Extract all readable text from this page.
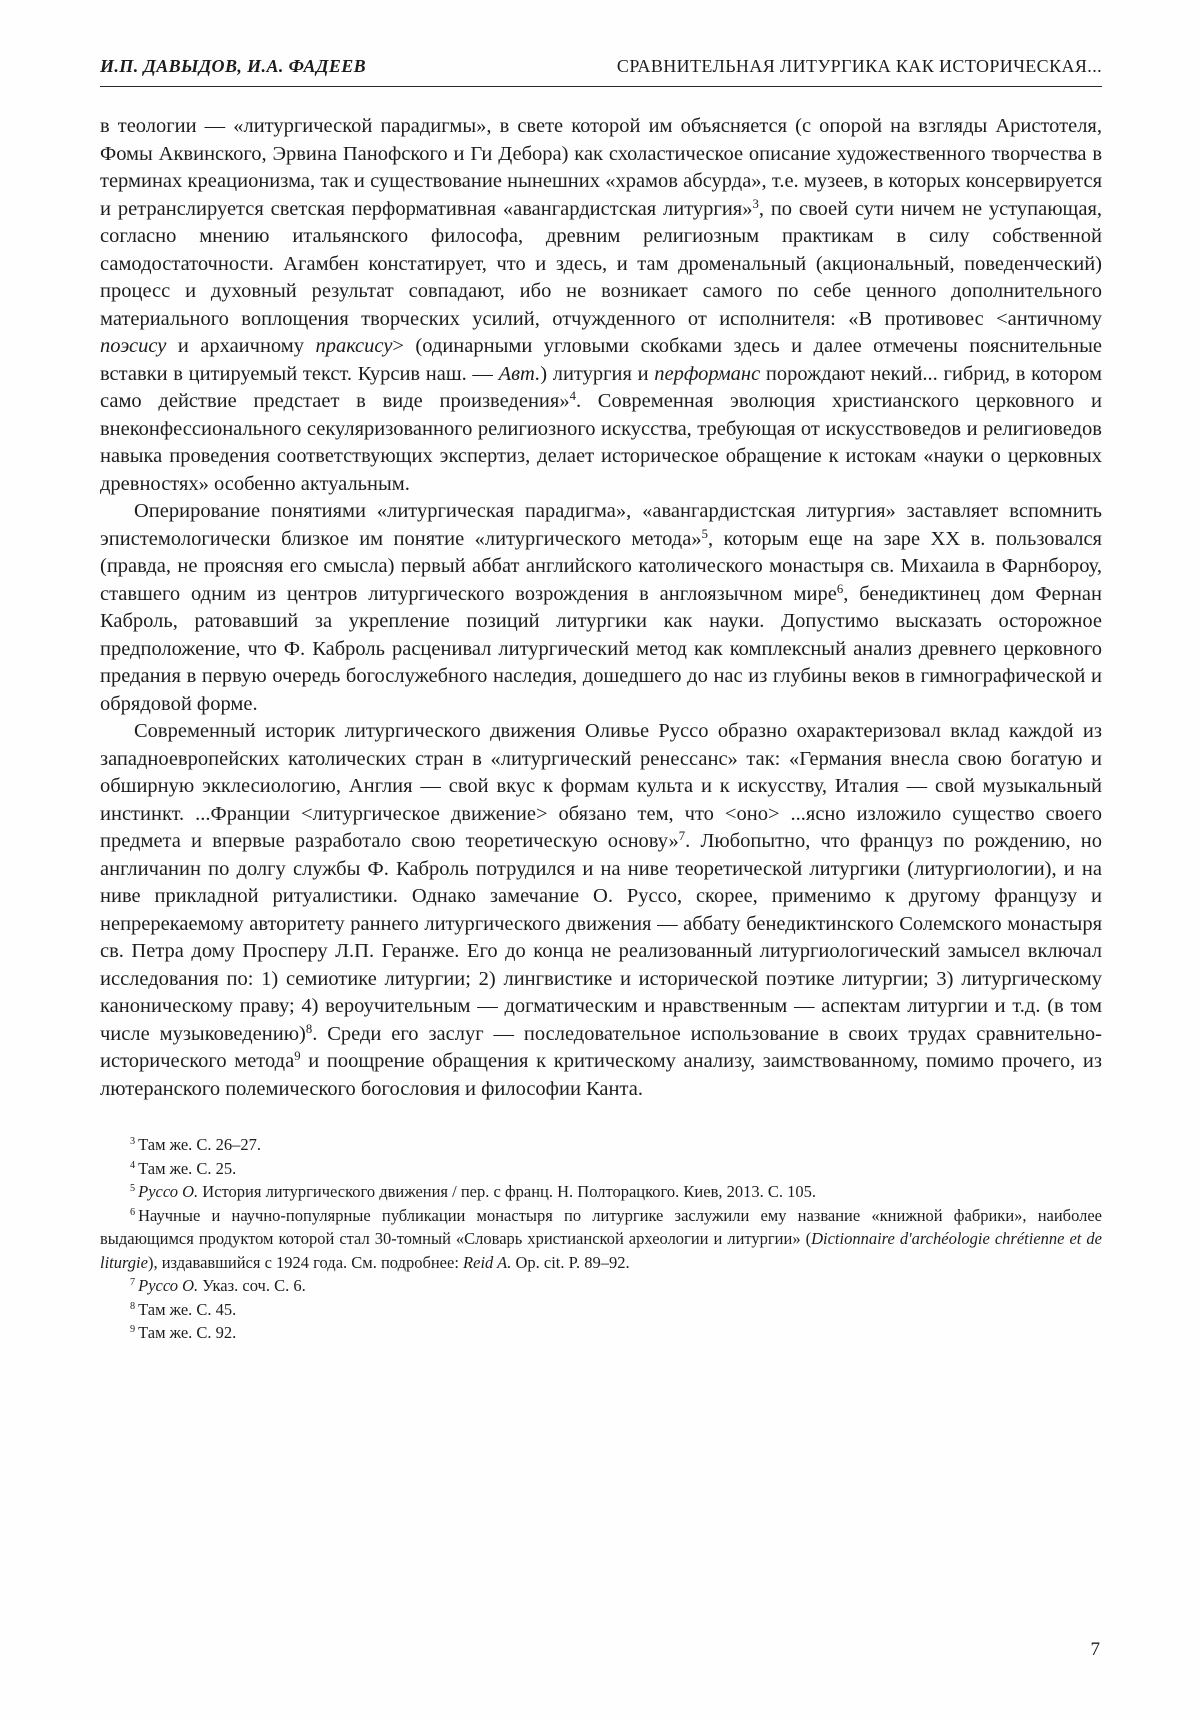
И.П. ДАВЫДОВ, И.А. ФАДЕЕВ	СРАВНИТЕЛЬНАЯ ЛИТУРГИКА КАК ИСТОРИЧЕСКАЯ...

в теологии — «литургической парадигмы», в свете которой им объясняется (с опорой на взгляды Аристотеля, Фомы Аквинского, Эрвина Панофского и Ги Дебора) как схоластическое описание художественного творчества в терминах креационизма, так и существование нынешних «храмов абсурда», т.е. музеев, в которых консервируется и ретранслируется светская перформативная «авангардистская литургия»$^3$, по своей сути ничем не уступающая, согласно мнению итальянского философа, древним религиозным практикам в силу собственной самодостаточности. Агамбен констатирует, что и здесь, и там дроменальный (акциональный, поведенческий) процесс и духовный результат совпадают, ибо не возникает самого по себе ценного дополнительного материального воплощения творческих усилий, отчужденного от исполнителя: «В противовес <античному поэсису и архаичному праксису> (одинарными угловыми скобками здесь и далее отмечены пояснительные вставки в цитируемый текст. Курсив наш. — Авт.) литургия и перформанс порождают некий... гибрид, в котором само действие предстает в виде произведения»$^4$. Современная эволюция христианского церковного и внеконфессионального секуляризованного религиозного искусства, требующая от искусствоведов и религиоведов навыка проведения соответствующих экспертиз, делает историческое обращение к истокам «науки о церковных древностях» особенно актуальным.

Оперирование понятиями «литургическая парадигма», «авангардистская литургия» заставляет вспомнить эпистемологически близкое им понятие «литургического метода»$^5$, которым еще на заре XX в. пользовался (правда, не проясняя его смысла) первый аббат английского католического монастыря св. Михаила в Фарнбороу, ставшего одним из центров литургического возрождения в англоязычном мире$^6$, бенедиктинец дом Фернан Каброль, ратовавший за укрепление позиций литургики как науки. Допустимо высказать осторожное предположение, что Ф. Каброль расценивал литургический метод как комплексный анализ древнего церковного предания в первую очередь богослужебного наследия, дошедшего до нас из глубины веков в гимнографической и обрядовой форме.

Современный историк литургического движения Оливье Руссо образно охарактеризовал вклад каждой из западноевропейских католических стран в «литургический ренессанс» так: «Германия внесла свою богатую и обширную экклесиологию, Англия — свой вкус к формам культа и к искусству, Италия — свой музыкальный инстинкт. ...Франции <литургическое движение> обязано тем, что <оно> ...ясно изложило существо своего предмета и впервые разработало свою теоретическую основу»$^7$. Любопытно, что француз по рождению, но англичанин по долгу службы Ф. Каброль потрудился и на ниве теоретической литургики (литургиологии), и на ниве прикладной ритуалистики. Однако замечание О. Руссо, скорее, применимо к другому французу и непререкаемому авторитету раннего литургического движения — аббату бенедиктинского Солемского монастыря св. Петра дому Просперу Л.П. Геранже. Его до конца не реализованный литургиологический замысел включал исследования по: 1) семиотике литургии; 2) лингвистике и исторической поэтике литургии; 3) литургическому каноническому праву; 4) вероучительным — догматическим и нравственным — аспектам литургии и т.д. (в том числе музыковедению)$^8$. Среди его заслуг — последовательное использование в своих трудах сравнительно-исторического метода$^9$ и поощрение обращения к критическому анализу, заимствованному, помимо прочего, из лютеранского полемического богословия и философии Канта.

$^3$ Там же. С. 26–27.

$^4$ Там же. С. 25.

$^5$ Руссо О. История литургического движения / пер. с франц. Н. Полторацкого. Киев, 2013. С. 105.

$^6$ Научные и научно-популярные публикации монастыря по литургике заслужили ему название «книжной фабрики», наиболее выдающимся продуктом которой стал 30-томный «Словарь христианской археологии и литургии» (Dictionnaire d'archéologie chrétienne et de liturgie), издававшийся с 1924 года. См. подробнее: Reid A. Op. cit. P. 89–92.

$^7$ Руссо О. Указ. соч. С. 6.

$^8$ Там же. С. 45.

$^9$ Там же. С. 92.

7
